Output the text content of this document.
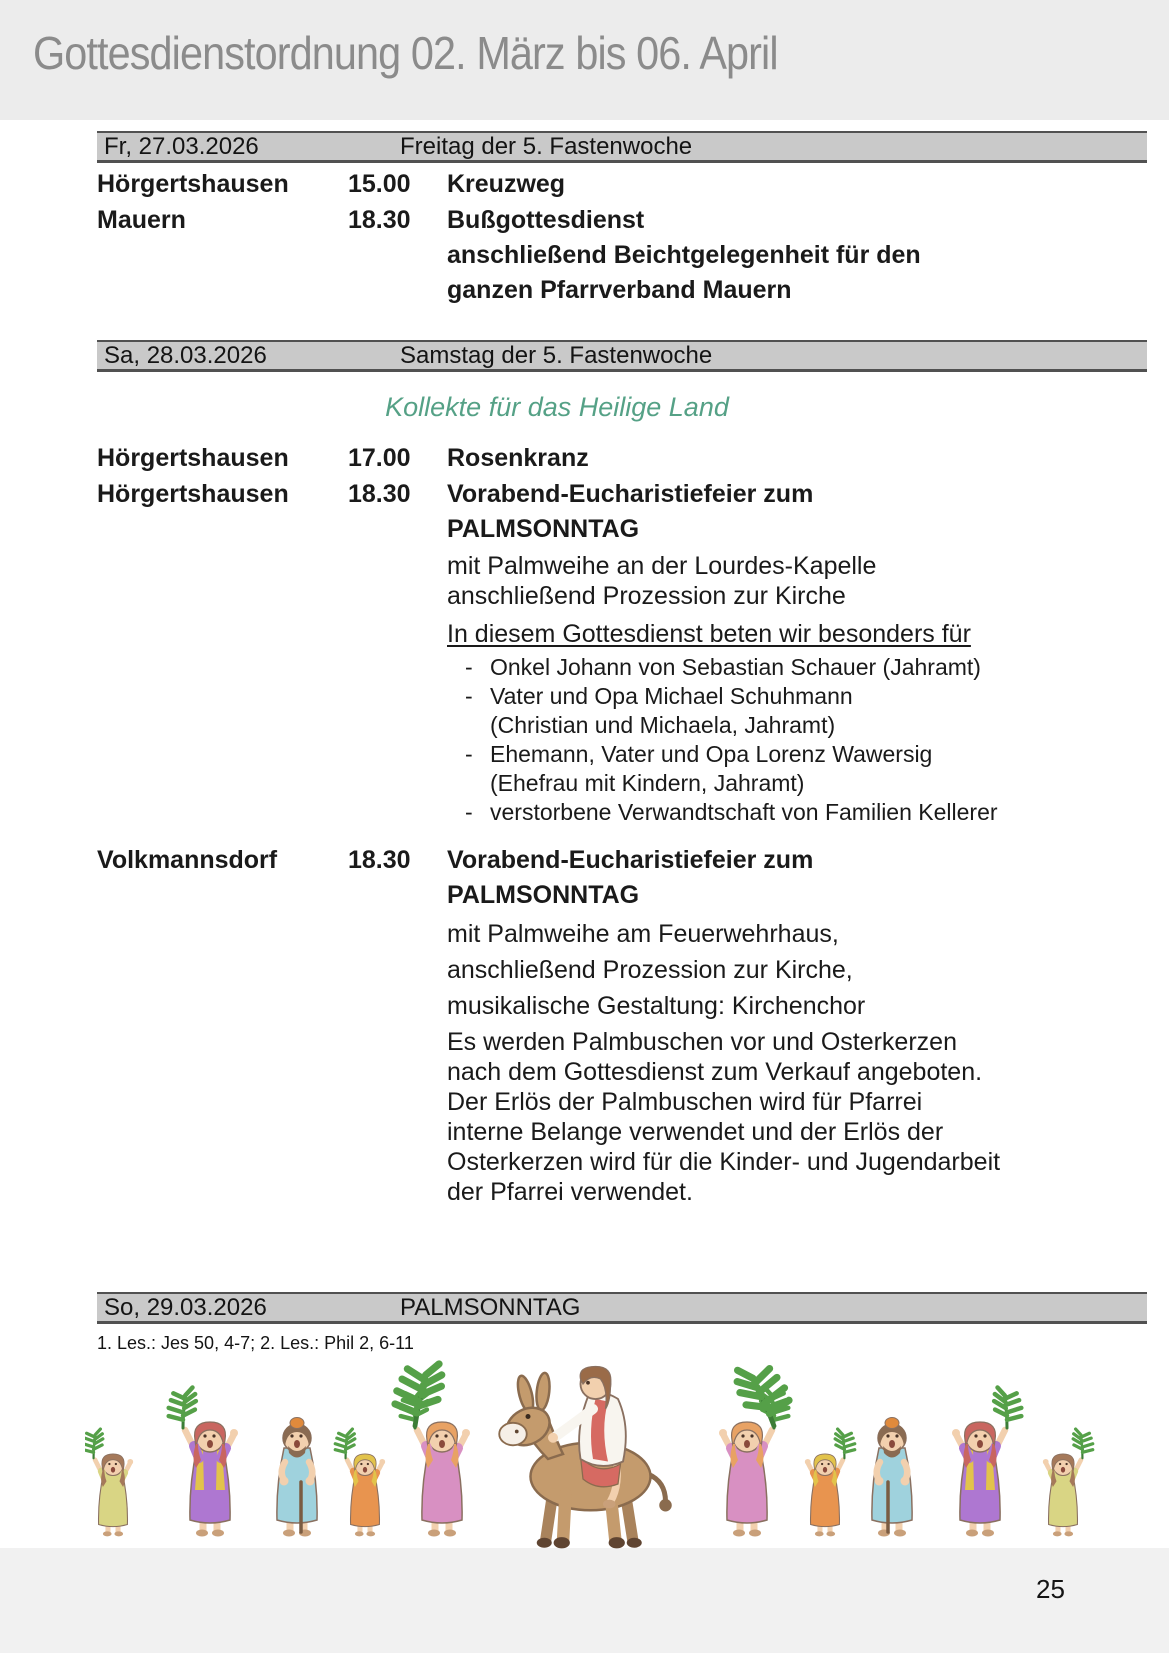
Gottesdienstordnung 02. März bis 06. April
Fr, 27.03.2026	Freitag der 5. Fastenwoche
Hörgertshausen	15.00	Kreuzweg
Mauern	18.30	Bußgottesdienst
anschließend Beichtgelegenheit für den
ganzen Pfarrverband Mauern
Sa, 28.03.2026	Samstag der 5. Fastenwoche
Kollekte für das Heilige Land
Hörgertshausen	17.00	Rosenkranz
Hörgertshausen	18.30	Vorabend-Eucharistiefeier zum
PALMSONNTAG
mit Palmweihe an der Lourdes-Kapelle
anschließend Prozession zur Kirche
In diesem Gottesdienst beten wir besonders für
- Onkel Johann von Sebastian Schauer (Jahramt)
- Vater und Opa Michael Schuhmann
(Christian und Michaela, Jahramt)
- Ehemann, Vater und Opa Lorenz Wawersig
(Ehefrau mit Kindern, Jahramt)
- verstorbene Verwandtschaft von Familien Kellerer
Volkmannsdorf	18.30	Vorabend-Eucharistiefeier zum
PALMSONNTAG
mit Palmweihe am Feuerwehrhaus,
anschließend Prozession zur Kirche,
musikalische Gestaltung: Kirchenchor
Es werden Palmbuschen vor und Osterkerzen
nach dem Gottesdienst zum Verkauf angeboten.
Der Erlös der Palmbuschen wird für Pfarrei
interne Belange verwendet und der Erlös der
Osterkerzen wird für die Kinder- und Jugendarbeit
der Pfarrei verwendet.
So, 29.03.2026	PALMSONNTAG
1. Les.: Jes 50, 4-7; 2. Les.: Phil 2, 6-11
25
